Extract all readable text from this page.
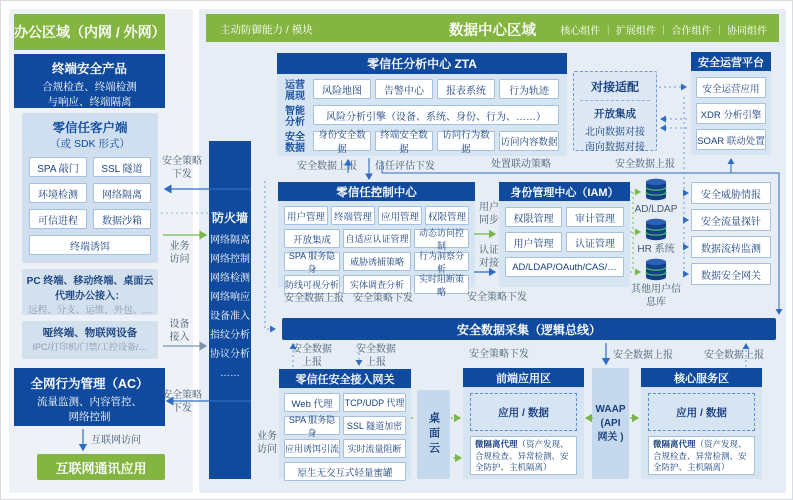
办公区域（内网 / 外网）	主动防御能力 / 模块	数据中心区域	核心组件 ｜ 扩展组件 ｜ 合作组件 ｜ 协同组件
终端安全产品
合规检查、终端检测
与响应、终端隔离
零信任客户端
（或 SDK 形式）
SPA 敲门	SSL 隧道
环境检测	网络隔离
可信进程	数据沙箱
终端诱饵
PC 终端、移动终端、桌面云
代理办公接入：
远程、分支、运维、外包、…
哑终端、物联网设备
IPC/打印机/门禁/工控设备/…
全网行为管理（AC）
流量监测、内容管控、
网络控制
互联网通讯应用
防火墙
网络隔离
网络控制
网络检测
网络响应
设备准入
指纹分析
协议分析
……
零信任分析中心 ZTA
运营展现	风险地图	告警中心	报表系统	行为轨迹
智能分析	风险分析引擎（设备、系统、身份、行为、……）
安全数据
身份安全数据
终端安全数据
访问行为数据
访问内容数据
对接适配
开放集成
北向数据对接
南向数据对接
安全数据上报 信任评估下发	处置联动策略	安全数据上报
零信任控制中心
用户管理 终端管理 应用管理 权限管理
开放集成	自适应认证管理
动态访问控制
SPA 服务隐身
威胁诱捕策略
行为洞察分析
防线可视分析	实体调查分析
实时阻断策略
身份管理中心（IAM）
权限管理	审计管理
用户管理	认证管理
AD/LDAP/OAuth/CAS/…
用户同步
认证对接
AD/LDAP
HR 系统
其他用户信息库
安全数据上报 安全策略下发	安全策略下发
安全运营平台
安全运营应用
XDR 分析引擎
SOAR 联动处置
安全威胁情报
安全流量探针
数据流转监测
数据安全网关
安全数据采集（逻辑总线）
安全数据上报
安全数据上报
安全策略下发	安全数据上报	安全数据上报
零信任安全接入网关
Web 代理	TCP/UDP 代理
SPA 服务隐身
SSL 隧道加密
应用诱饵引流 实时流量阻断
原生无交互式轻量蜜罐
业务访问	桌面云
前端应用区
应用 / 数据
微隔离代理（资产发现、合规检查、异常检测、安全防护、主机隔离）
WAAP
(API
网关 )
核心服务区
应用 / 数据
微隔离代理（资产发现、合规检查、异常检测、安全防护、主机隔离）
安全策略下发
业务访问
设备接入
安全策略下发
互联网访问
